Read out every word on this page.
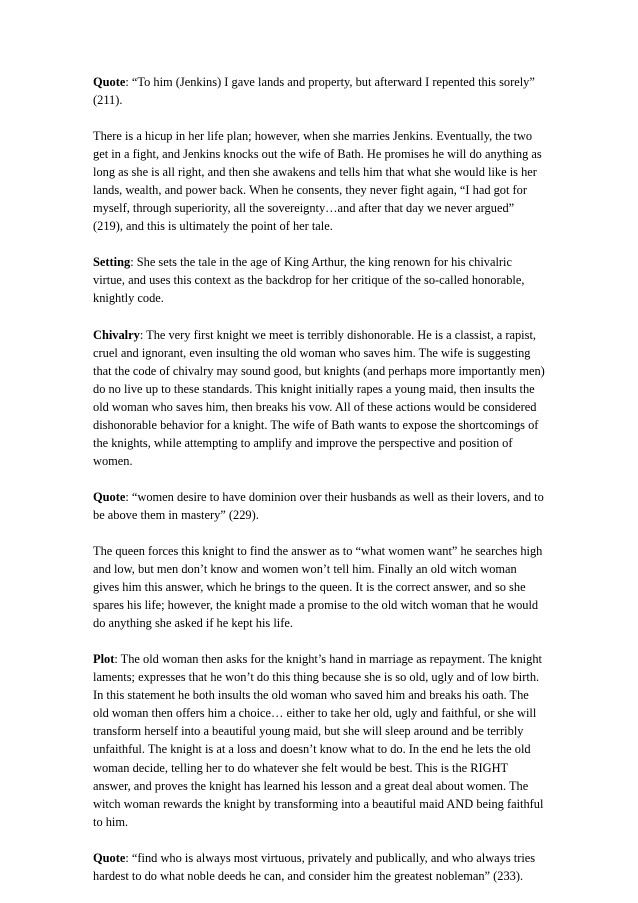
Quote: “To him (Jenkins) I gave lands and property, but afterward I repented this sorely” (211).

There is a hicup in her life plan; however, when she marries Jenkins. Eventually, the two get in a fight, and Jenkins knocks out the wife of Bath. He promises he will do anything as long as she is all right, and then she awakens and tells him that what she would like is her lands, wealth, and power back. When he consents, they never fight again, “I had got for myself, through superiority, all the sovereignty…and after that day we never argued” (219), and this is ultimately the point of her tale.

Setting: She sets the tale in the age of King Arthur, the king renown for his chivalric virtue, and uses this context as the backdrop for her critique of the so-called honorable, knightly code.

Chivalry: The very first knight we meet is terribly dishonorable. He is a classist, a rapist, cruel and ignorant, even insulting the old woman who saves him. The wife is suggesting that the code of chivalry may sound good, but knights (and perhaps more importantly men) do no live up to these standards. This knight initially rapes a young maid, then insults the old woman who saves him, then breaks his vow. All of these actions would be considered dishonorable behavior for a knight. The wife of Bath wants to expose the shortcomings of the knights, while attempting to amplify and improve the perspective and position of women.

Quote: “women desire to have dominion over their husbands as well as their lovers, and to be above them in mastery” (229).

The queen forces this knight to find the answer as to “what women want” he searches high and low, but men don’t know and women won’t tell him. Finally an old witch woman gives him this answer, which he brings to the queen. It is the correct answer, and so she spares his life; however, the knight made a promise to the old witch woman that he would do anything she asked if he kept his life.

Plot: The old woman then asks for the knight’s hand in marriage as repayment. The knight laments; expresses that he won’t do this thing because she is so old, ugly and of low birth. In this statement he both insults the old woman who saved him and breaks his oath. The old woman then offers him a choice… either to take her old, ugly and faithful, or she will transform herself into a beautiful young maid, but she will sleep around and be terribly unfaithful. The knight is at a loss and doesn’t know what to do. In the end he lets the old woman decide, telling her to do whatever she felt would be best. This is the RIGHT answer, and proves the knight has learned his lesson and a great deal about women. The witch woman rewards the knight by transforming into a beautiful maid AND being faithful to him.

Quote: “find who is always most virtuous, privately and publically, and who always tries hardest to do what noble deeds he can, and consider him the greatest nobleman” (233).
